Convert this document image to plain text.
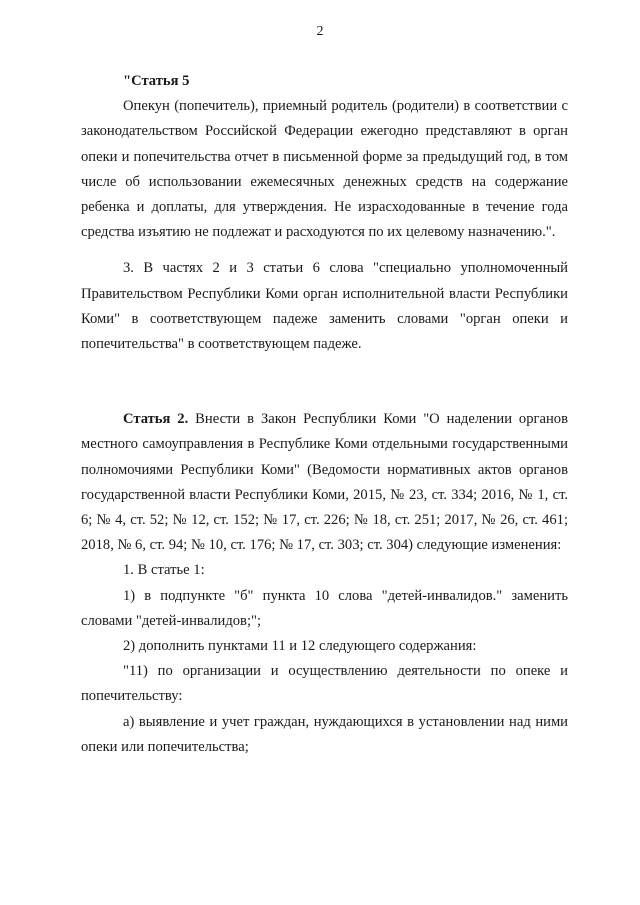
2

"Статья 5

Опекун (попечитель), приемный родитель (родители) в соответствии с законодательством Российской Федерации ежегодно представляют в орган опеки и попечительства отчет в письменной форме за предыдущий год, в том числе об использовании ежемесячных денежных средств на содержание ребенка и доплаты, для утверждения. Не израсходованные в течение года средства изъятию не подлежат и расходуются по их целевому назначению.".

3. В частях 2 и 3 статьи 6 слова "специально уполномоченный Правительством Республики Коми орган исполнительной власти Республики Коми" в соответствующем падеже заменить словами "орган опеки и попечительства" в соответствующем падеже.

Статья 2. Внести в Закон Республики Коми "О наделении органов местного самоуправления в Республике Коми отдельными государственными полномочиями Республики Коми" (Ведомости нормативных актов органов государственной власти Республики Коми, 2015, № 23, ст. 334; 2016, № 1, ст. 6; № 4, ст. 52; № 12, ст. 152; № 17, ст. 226; № 18, ст. 251; 2017, № 26, ст. 461; 2018, № 6, ст. 94; № 10, ст. 176; № 17, ст. 303; ст. 304) следующие изменения:

1. В статье 1:

1) в подпункте "б" пункта 10 слова "детей-инвалидов." заменить словами "детей-инвалидов;";

2) дополнить пунктами 11 и 12 следующего содержания:

"11) по организации и осуществлению деятельности по опеке и попечительству:

а) выявление и учет граждан, нуждающихся в установлении над ними опеки или попечительства;
